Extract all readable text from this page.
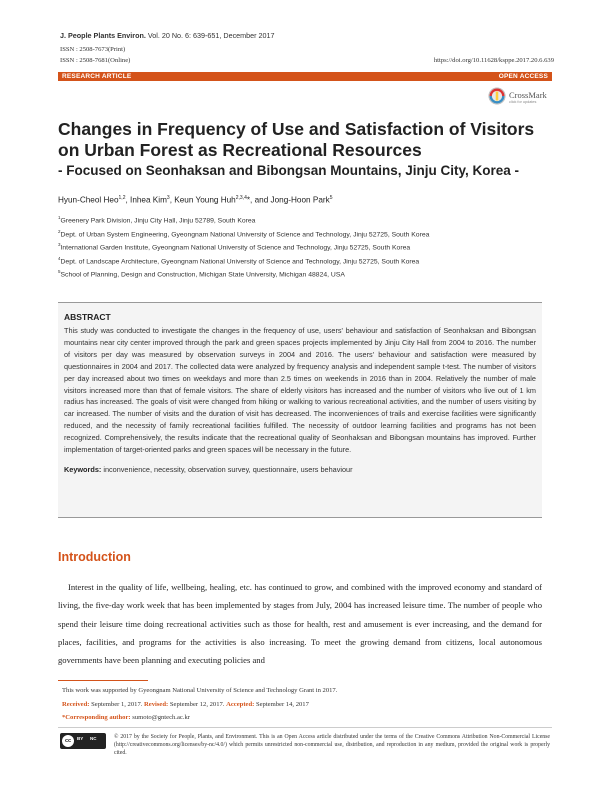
J. People Plants Environ. Vol. 20 No. 6: 639-651, December 2017
ISSN : 2508-7673(Print)
ISSN : 2508-7681(Online)	https://doi.org/10.11628/ksppe.2017.20.6.639
RESEARCH ARTICLE	OPEN ACCESS
CrossMark
click for updates
Changes in Frequency of Use and Satisfaction of Visitors on Urban Forest as Recreational Resources
- Focused on Seonhaksan and Bibongsan Mountains, Jinju City, Korea -
Hyun-Cheol Heo$^{1,2}$, Inhea Kim$^3$, Keun Young Huh$^{2,3,4}$*, and Jong-Hoon Park$^5$
$^1$Greenery Park Division, Jinju City Hall, Jinju 52789, South Korea
$^2$Dept. of Urban System Engineering, Gyeongnam National University of Science and Technology, Jinju 52725, South Korea
$^3$International Garden Institute, Gyeongnam National University of Science and Technology, Jinju 52725, South Korea
$^4$Dept. of Landscape Architecture, Gyeongnam National University of Science and Technology, Jinju 52725, South Korea
$^5$School of Planning, Design and Construction, Michigan State University, Michigan 48824, USA
ABSTRACT
This study was conducted to investigate the changes in the frequency of use, users' behaviour and satisfaction of Seonhaksan and Bibongsan mountains near city center improved through the park and green spaces projects implemented by Jinju City Hall from 2004 to 2016. The number of visitors per day was measured by observation surveys in 2004 and 2016. The users' behaviour and satisfaction were measured by questionnaires in 2004 and 2017. The collected data were analyzed by frequency analysis and independent sample t-test. The number of visitors per day increased about two times on weekdays and more than 2.5 times on weekends in 2016 than in 2004. Relatively the number of male visitors increased more than that of female visitors. The share of elderly visitors has increased and the number of visitors who live out of 1 km radius has increased. The goals of visit were changed from hiking or walking to various recreational activities, and the number of users visiting by car increased. The number of visits and the duration of visit has decreased. The inconveniences of trails and exercise facilities were significantly reduced, and the necessity of family recreational facilities fulfilled. The necessity of outdoor learning facilities and programs has not been recognized. Comprehensively, the results indicate that the recreational quality of Seonhaksan and Bibongsan mountains has improved. Further implementation of target-oriented parks and green spaces will be necessary in the future.
Keywords: inconvenience, necessity, observation survey, questionnaire, users behaviour
Introduction
Interest in the quality of life, wellbeing, healing, etc. has continued to grow, and combined with the improved economy and standard of living, the five-day work week that has been implemented by stages from July, 2004 has increased leisure time. The number of people who spend their leisure time doing recreational activities such as those for health, rest and amusement is ever increasing, and the demand for places, facilities, and programs for the activities is also increasing. To meet the growing demand from citizens, local autonomous governments have been planning and executing policies and
This work was supported by Gyeongnam National University of Science and Technology Grant in 2017.
Received: September 1, 2017. Revised: September 12, 2017. Accepted: September 14, 2017
*Corresponding author: sumoto@gntech.ac.kr
cc	BY NC	© 2017 by the Society for People, Plants, and Environment. This is an Open Access article distributed under the terms of the Creative Commons Attribution Non-Commercial License (http://creativecommons.org/licenses/by-nc/4.0/) which permits unrestricted non-commercial use, distribution, and reproduction in any medium, provided the original work is properly cited.
